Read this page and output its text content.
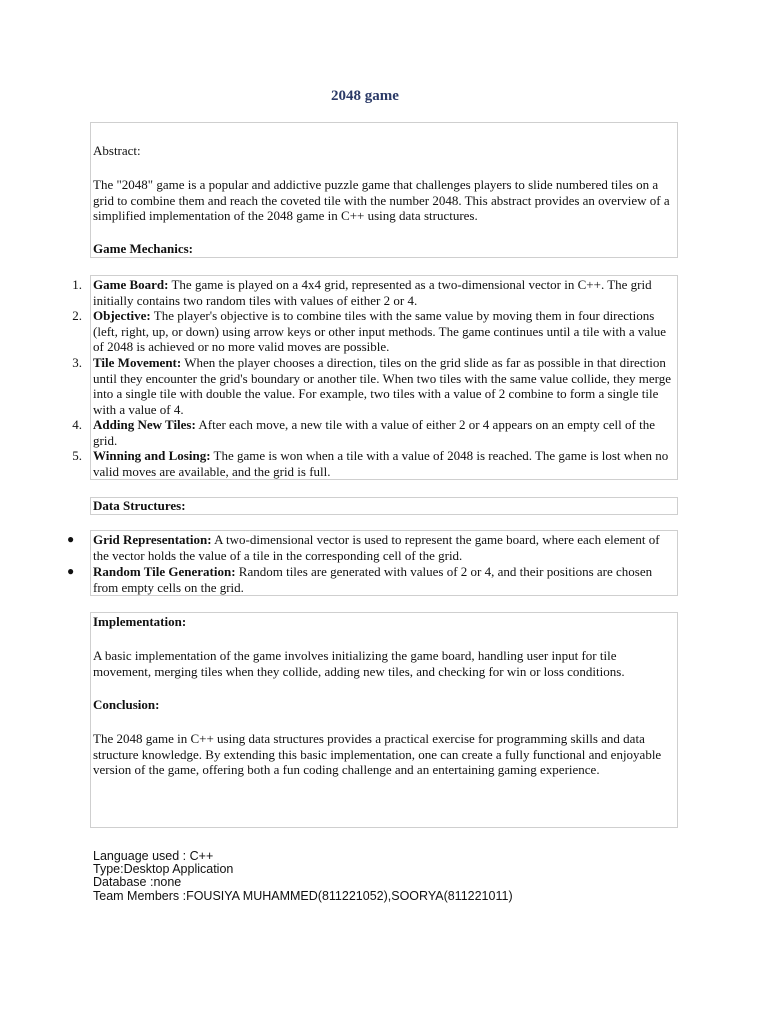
2048 game

Abstract:

The "2048" game is a popular and addictive puzzle game that challenges players to slide numbered tiles on a grid to combine them and reach the coveted tile with the number 2048. This abstract provides an overview of a simplified implementation of the 2048 game in C++ using data structures.

Game Mechanics:

1. Game Board: The game is played on a 4x4 grid, represented as a two-dimensional vector in C++. The grid initially contains two random tiles with values of either 2 or 4.
2. Objective: The player's objective is to combine tiles with the same value by moving them in four directions (left, right, up, or down) using arrow keys or other input methods. The game continues until a tile with a value of 2048 is achieved or no more valid moves are possible.
3. Tile Movement: When the player chooses a direction, tiles on the grid slide as far as possible in that direction until they encounter the grid's boundary or another tile. When two tiles with the same value collide, they merge into a single tile with double the value. For example, two tiles with a value of 2 combine to form a single tile with a value of 4.
4. Adding New Tiles: After each move, a new tile with a value of either 2 or 4 appears on an empty cell of the grid.
5. Winning and Losing: The game is won when a tile with a value of 2048 is reached. The game is lost when no valid moves are available, and the grid is full.

Data Structures:

● Grid Representation: A two-dimensional vector is used to represent the game board, where each element of the vector holds the value of a tile in the corresponding cell of the grid.
● Random Tile Generation: Random tiles are generated with values of 2 or 4, and their positions are chosen from empty cells on the grid.

Implementation:

A basic implementation of the game involves initializing the game board, handling user input for tile movement, merging tiles when they collide, adding new tiles, and checking for win or loss conditions.

Conclusion:

The 2048 game in C++ using data structures provides a practical exercise for programming skills and data structure knowledge. By extending this basic implementation, one can create a fully functional and enjoyable version of the game, offering both a fun coding challenge and an entertaining gaming experience.

Language used : C++
Type:Desktop Application
Database :none
Team Members :FOUSIYA MUHAMMED(811221052),SOORYA(811221011)
